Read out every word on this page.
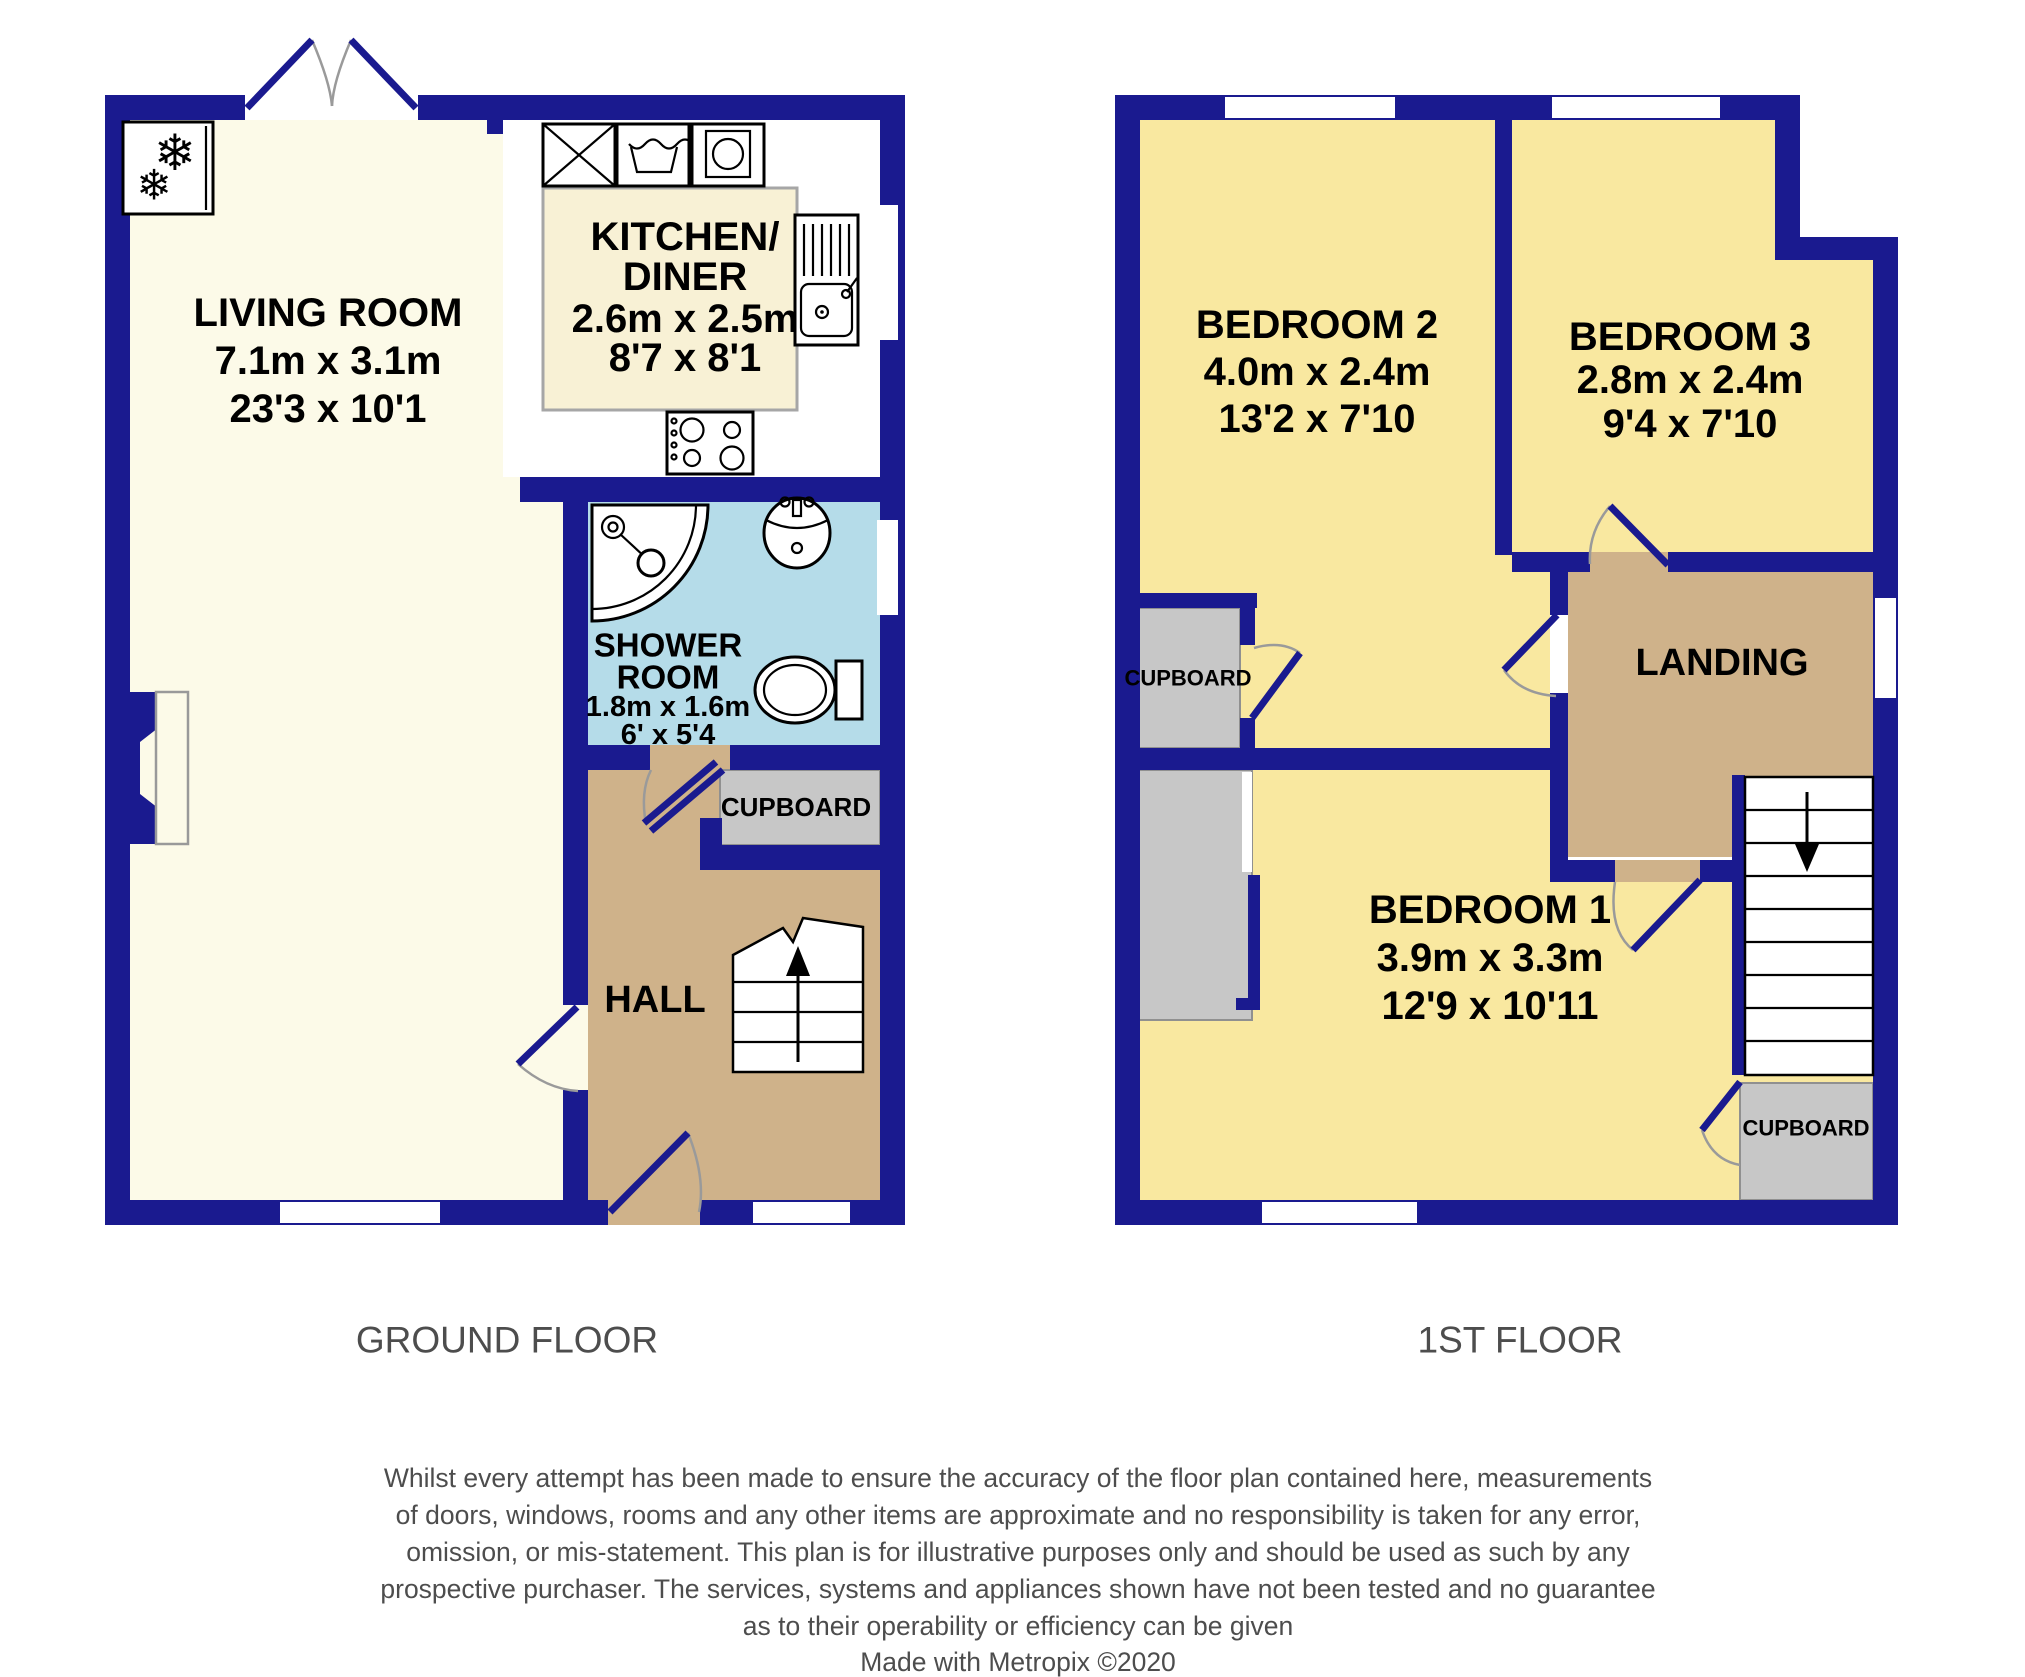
❄
❄
LIVING ROOM
7.1m x 3.1m
23'3 x 10'1
KITCHEN/
DINER
2.6m x 2.5m
8'7 x 8'1
SHOWER
ROOM
1.8m x 1.6m
6' x 5'4
HALL
CUPBOARD
BEDROOM 2
4.0m x 2.4m
13'2 x 7'10
BEDROOM 3
2.8m x 2.4m
9'4 x 7'10
LANDING
BEDROOM 1
3.9m x 3.3m
12'9 x 10'11
CUPBOARD
CUPBOARD
GROUND FLOOR	1ST FLOOR
Whilst every attempt has been made to ensure the accuracy of the floor plan contained here, measurements
of doors, windows, rooms and any other items are approximate and no responsibility is taken for any error,
omission, or mis-statement. This plan is for illustrative purposes only and should be used as such by any
prospective purchaser. The services, systems and appliances shown have not been tested and no guarantee
as to their operability or efficiency can be given
Made with Metropix ©2020
